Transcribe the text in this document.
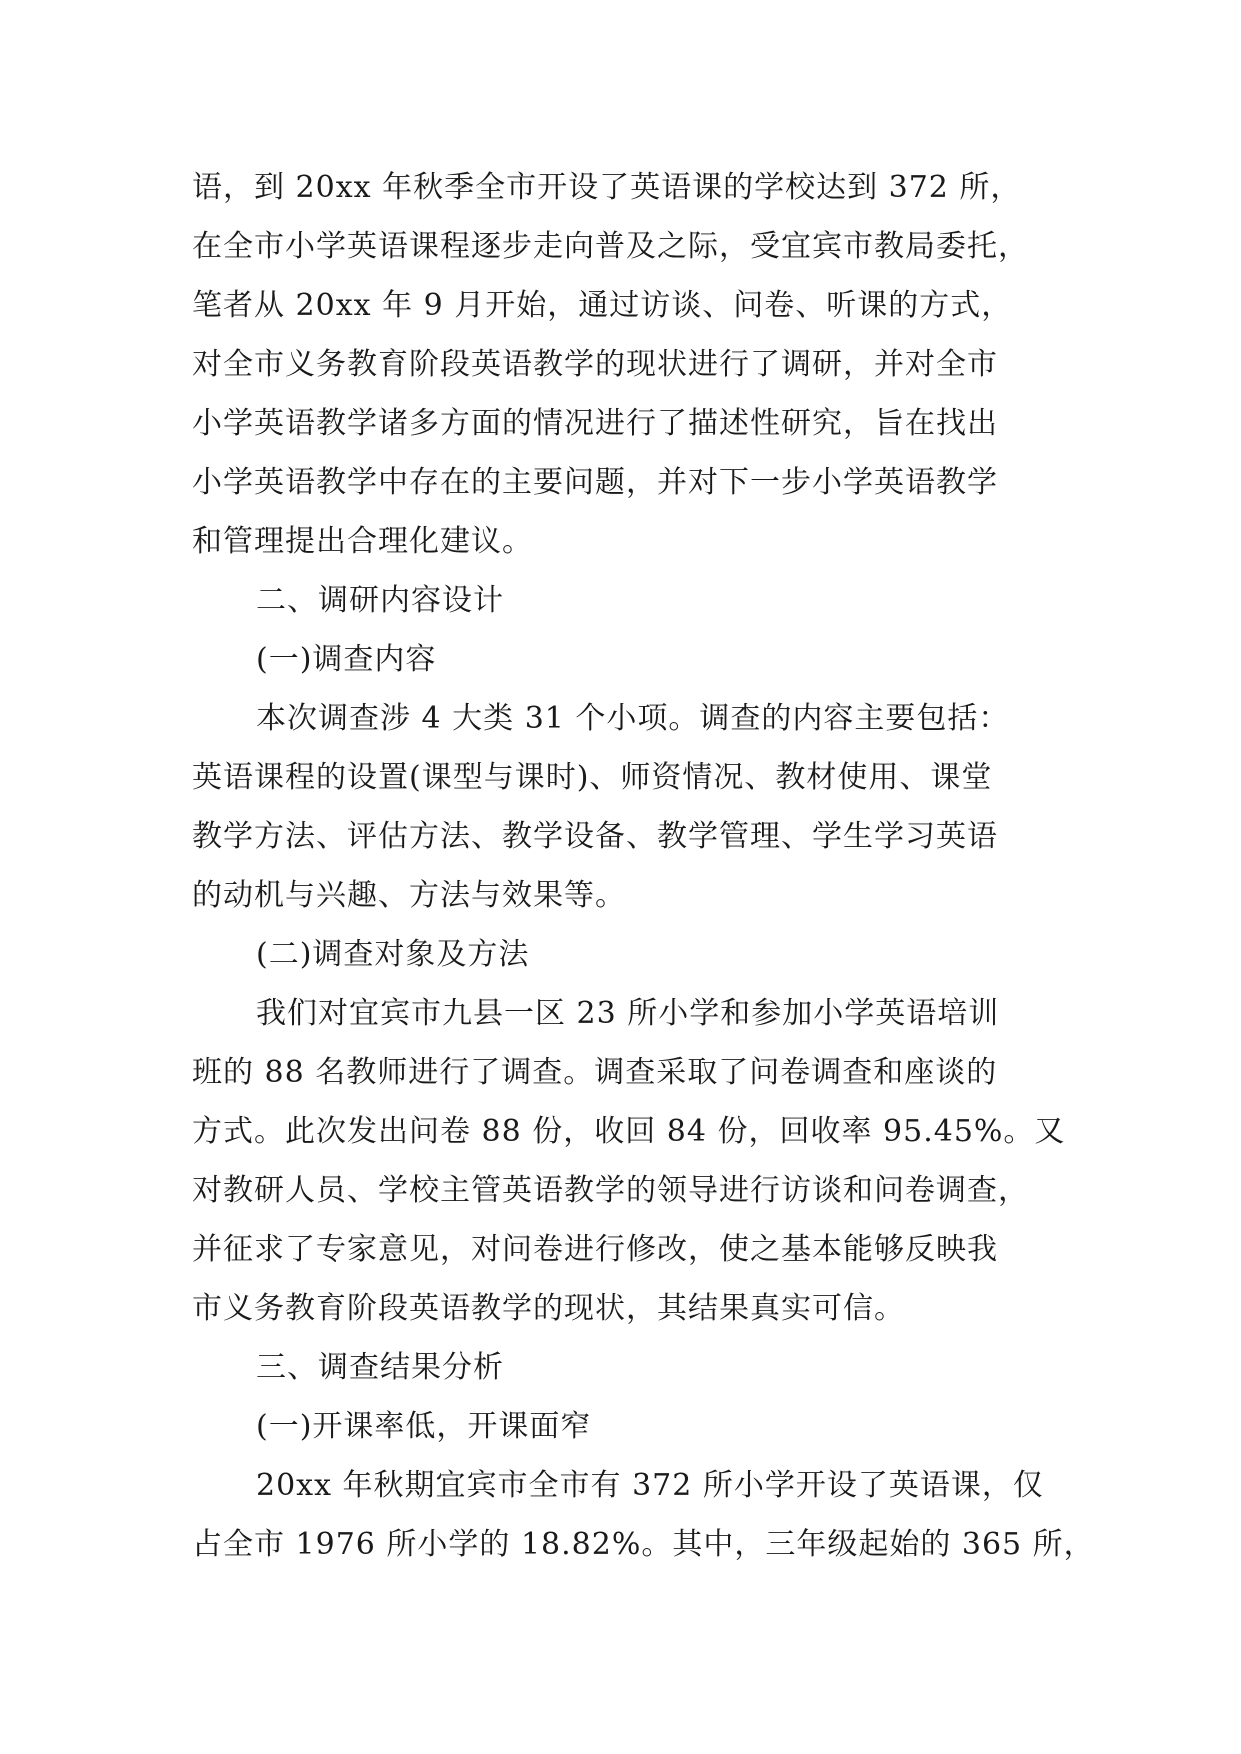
语，到 20xx 年秋季全市开设了英语课的学校达到 372 所，
在全市小学英语课程逐步走向普及之际，受宜宾市教局委托，
笔者从 20xx 年 9 月开始，通过访谈、问卷、听课的方式，
对全市义务教育阶段英语教学的现状进行了调研，并对全市
小学英语教学诸多方面的情况进行了描述性研究，旨在找出
小学英语教学中存在的主要问题，并对下一步小学英语教学
和管理提出合理化建议。
二、调研内容设计
(一)调查内容
本次调查涉 4 大类 31 个小项。调查的内容主要包括：
英语课程的设置(课型与课时)、师资情况、教材使用、课堂
教学方法、评估方法、教学设备、教学管理、学生学习英语
的动机与兴趣、方法与效果等。
(二)调查对象及方法
我们对宜宾市九县一区 23 所小学和参加小学英语培训
班的 88 名教师进行了调查。调查采取了问卷调查和座谈的
方式。此次发出问卷 88 份，收回 84 份，回收率 95.45%。又
对教研人员、学校主管英语教学的领导进行访谈和问卷调查，
并征求了专家意见，对问卷进行修改，使之基本能够反映我
市义务教育阶段英语教学的现状，其结果真实可信。
三、调查结果分析
(一)开课率低，开课面窄
20xx 年秋期宜宾市全市有 372 所小学开设了英语课，仅
占全市 1976 所小学的 18.82%。其中，三年级起始的 365 所，
